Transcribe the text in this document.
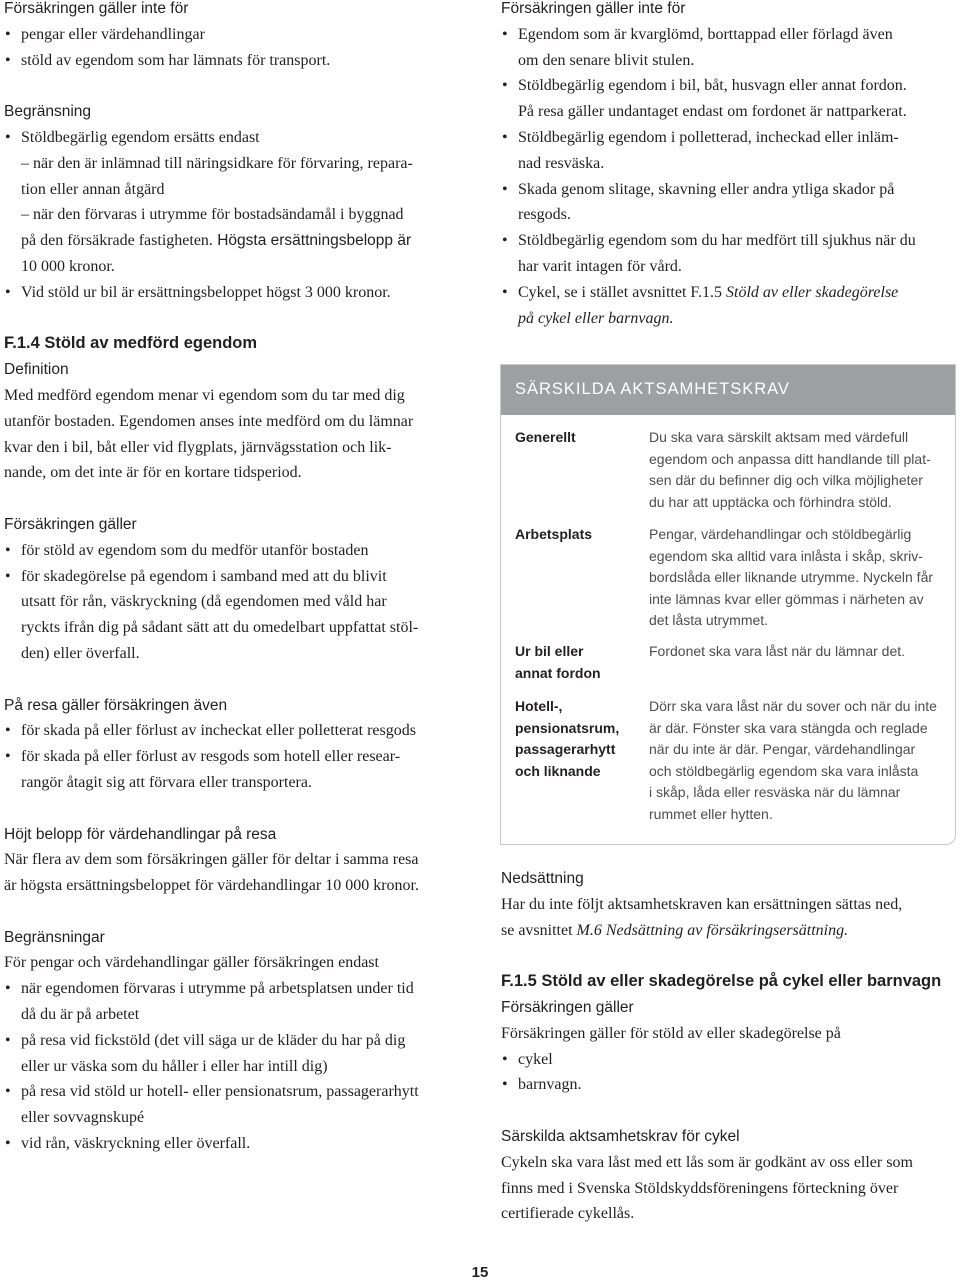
Försäkringen gäller inte för
• pengar eller värdehandlingar
• stöld av egendom som har lämnats för transport.
Begränsning
• Stöldbegärlig egendom ersätts endast
– när den är inlämnad till näringsidkare för förvaring, repara-
tion eller annan åtgärd
– när den förvaras i utrymme för bostadsändamål i byggnad
på den försäkrade fastigheten. Högsta ersättningsbelopp är
10 000 kronor.
• Vid stöld ur bil är ersättningsbeloppet högst 3 000 kronor.
F.1.4 Stöld av medförd egendom
Definition
Med medförd egendom menar vi egendom som du tar med dig
utanför bostaden. Egendomen anses inte medförd om du lämnar
kvar den i bil, båt eller vid flygplats, järnvägsstation och lik-
nande, om det inte är för en kortare tidsperiod.
Försäkringen gäller
• för stöld av egendom som du medför utanför bostaden
• för skadegörelse på egendom i samband med att du blivit
utsatt för rån, väskryckning (då egendomen med våld har
ryckts ifrån dig på sådant sätt att du omedelbart uppfattat stöl-
den) eller överfall.
På resa gäller försäkringen även
• för skada på eller förlust av incheckat eller polletterat resgods
• för skada på eller förlust av resgods som hotell eller resear-
rangör åtagit sig att förvara eller transportera.
Höjt belopp för värdehandlingar på resa
När flera av dem som försäkringen gäller för deltar i samma resa
är högsta ersättningsbeloppet för värdehandlingar 10 000 kronor.
Begränsningar
För pengar och värdehandlingar gäller försäkringen endast
• när egendomen förvaras i utrymme på arbetsplatsen under tid
då du är på arbetet
• på resa vid fickstöld (det vill säga ur de kläder du har på dig
eller ur väska som du håller i eller har intill dig)
• på resa vid stöld ur hotell- eller pensionatsrum, passagerarhytt
eller sovvagnskupé
• vid rån, väskryckning eller överfall.
Försäkringen gäller inte för
• Egendom som är kvarglömd, borttappad eller förlagd även
om den senare blivit stulen.
• Stöldbegärlig egendom i bil, båt, husvagn eller annat fordon.
På resa gäller undantaget endast om fordonet är nattparkerat.
• Stöldbegärlig egendom i polletterad, incheckad eller inläm-
nad resväska.
• Skada genom slitage, skavning eller andra ytliga skador på
resgods.
• Stöldbegärlig egendom som du har medfört till sjukhus när du
har varit intagen för vård.
• Cykel, se i stället avsnittet F.1.5 Stöld av eller skadegörelse
på cykel eller barnvagn.
SÄRSKILDA AKTSAMHETSKRAV
Generellt	Du ska vara särskilt aktsam med värdefull
egendom och anpassa ditt handlande till plat-
sen där du befinner dig och vilka möjligheter
du har att upptäcka och förhindra stöld.
Arbetsplats	Pengar, värdehandlingar och stöldbegärlig
egendom ska alltid vara inlåsta i skåp, skriv-
bordslåda eller liknande utrymme. Nyckeln får
inte lämnas kvar eller gömmas i närheten av
det låsta utrymmet.
Ur bil eller
annat fordon
Fordonet ska vara låst när du lämnar det.
Hotell-,
pensionatsrum,
passagerarhytt
och liknande
Dörr ska vara låst när du sover och när du inte
är där. Fönster ska vara stängda och reglade
när du inte är där. Pengar, värdehandlingar
och stöldbegärlig egendom ska vara inlåsta
i skåp, låda eller resväska när du lämnar
rummet eller hytten.
Nedsättning
Har du inte följt aktsamhetskraven kan ersättningen sättas ned,
se avsnittet M.6 Nedsättning av försäkringsersättning.
F.1.5 Stöld av eller skadegörelse på cykel eller barnvagn
Försäkringen gäller
Försäkringen gäller för stöld av eller skadegörelse på
• cykel
• barnvagn.
Särskilda aktsamhetskrav för cykel
Cykeln ska vara låst med ett lås som är godkänt av oss eller som
finns med i Svenska Stöldskyddsföreningens förteckning över
certifierade cykellås.
15
